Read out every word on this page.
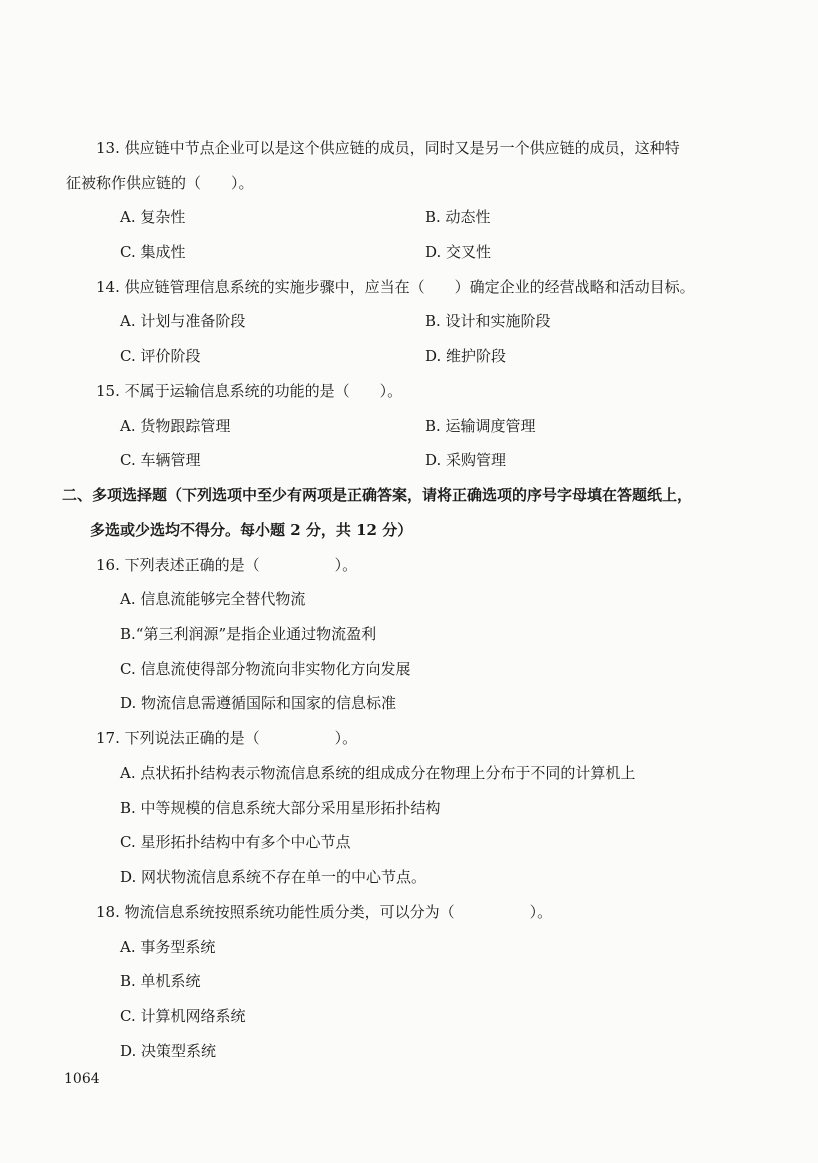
13. 供应链中节点企业可以是这个供应链的成员，同时又是另一个供应链的成员，这种特
征被称作供应链的（　　）。
A. 复杂性	B. 动态性
C. 集成性	D. 交叉性
14. 供应链管理信息系统的实施步骤中，应当在（　　）确定企业的经营战略和活动目标。
A. 计划与准备阶段	B. 设计和实施阶段
C. 评价阶段	D. 维护阶段
15. 不属于运输信息系统的功能的是（　　）。
A. 货物跟踪管理	B. 运输调度管理
C. 车辆管理	D. 采购管理
二、多项选择题（下列选项中至少有两项是正确答案，请将正确选项的序号字母填在答题纸上，
多选或少选均不得分。每小题 2 分，共 12 分）
16. 下列表述正确的是（　　　　　）。
A. 信息流能够完全替代物流
B.“第三利润源”是指企业通过物流盈利
C. 信息流使得部分物流向非实物化方向发展
D. 物流信息需遵循国际和国家的信息标准
17. 下列说法正确的是（　　　　　）。
A. 点状拓扑结构表示物流信息系统的组成成分在物理上分布于不同的计算机上
B. 中等规模的信息系统大部分采用星形拓扑结构
C. 星形拓扑结构中有多个中心节点
D. 网状物流信息系统不存在单一的中心节点。
18. 物流信息系统按照系统功能性质分类，可以分为（　　　　　）。
A. 事务型系统
B. 单机系统
C. 计算机网络系统
D. 决策型系统
1064
